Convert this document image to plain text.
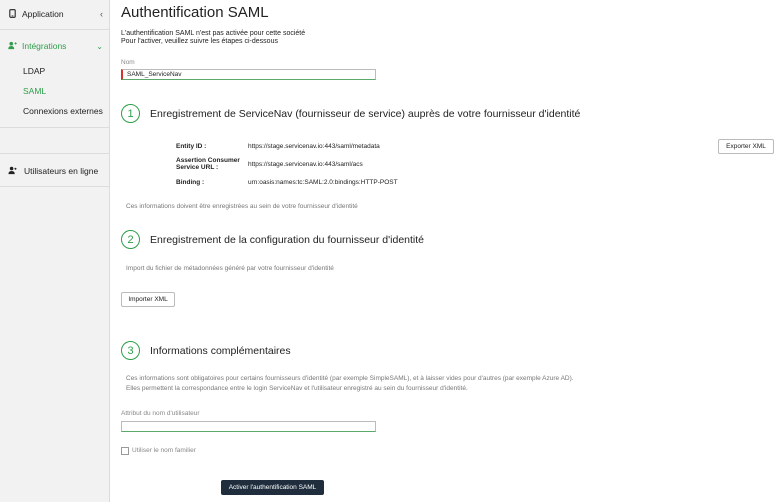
Application	‹
Intégrations	⌄
LDAP
SAML
Connexions externes
Utilisateurs en ligne
Authentification SAML
L'authentification SAML n'est pas activée pour cette société
Pour l'activer, veuillez suivre les étapes ci-dessous
Nom
SAML_ServiceNav
1	Enregistrement de ServiceNav (fournisseur de service) auprès de votre fournisseur d'identité
Entity ID :	https://stage.servicenav.io:443/saml/metadata	Exporter XML
Assertion Consumer
Service URL :	https://stage.servicenav.io:443/saml/acs
Binding :	urn:oasis:names:tc:SAML:2.0:bindings:HTTP-POST
Ces informations doivent être enregistrées au sein de votre fournisseur d'identité
2	Enregistrement de la configuration du fournisseur d'identité
Import du fichier de métadonnées généré par votre fournisseur d'identité
Importer XML
3	Informations complémentaires
Ces informations sont obligatoires pour certains fournisseurs d'identité (par exemple SimpleSAML), et à laisser vides pour d'autres (par exemple Azure AD).
Elles permettent la correspondance entre le login ServiceNav et l'utilisateur enregistré au sein du fournisseur d'identité.
Attribut du nom d'utilisateur
Utiliser le nom familier
Activer l'authentification SAML
